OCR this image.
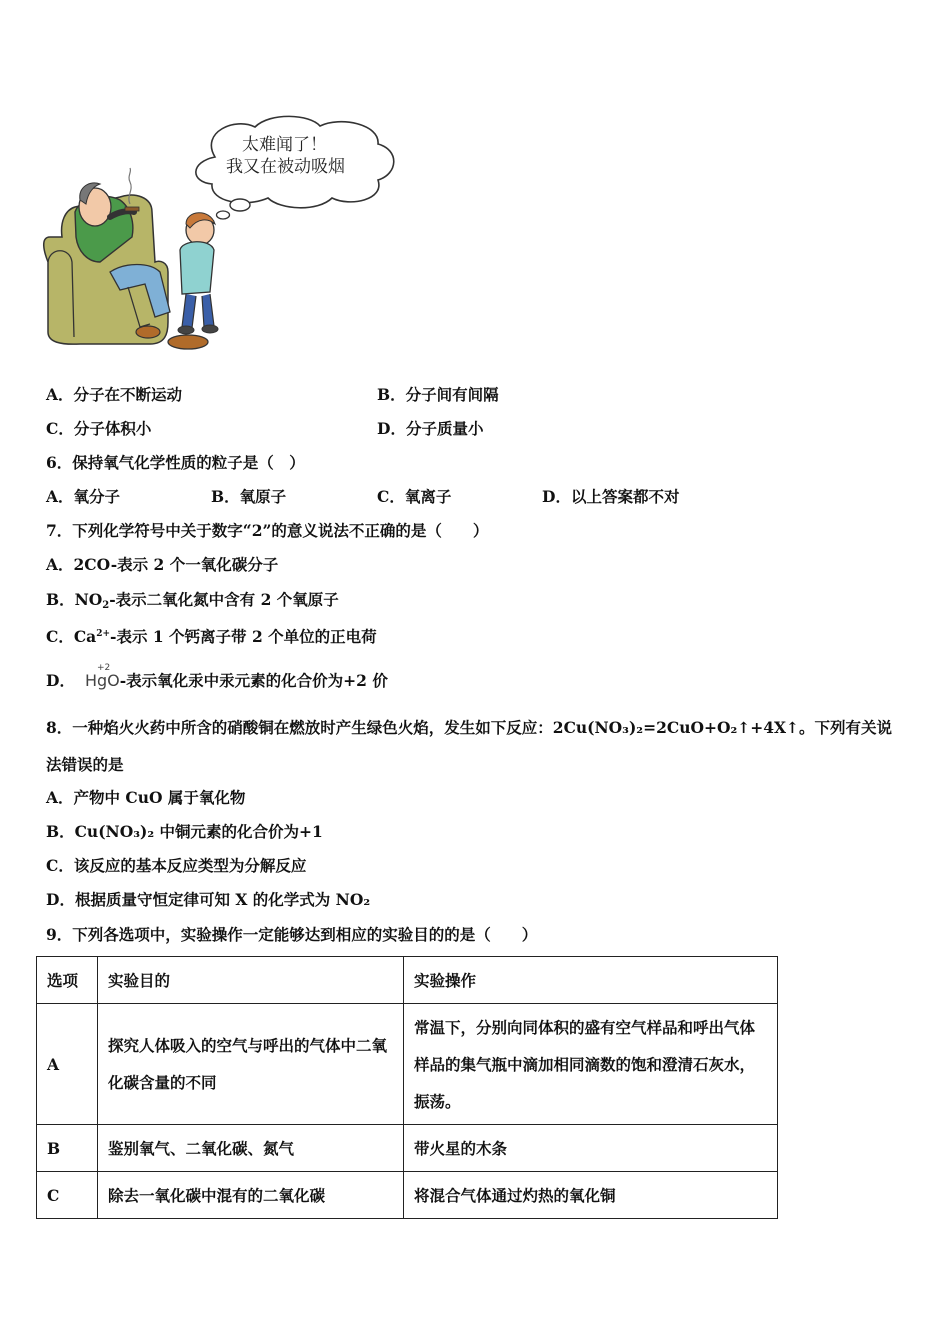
太难闻了！
我又在被动吸烟
A．分子在不断运动	B．分子间有间隔
C．分子体积小	D．分子质量小
6．保持氧气化学性质的粒子是（　）
A．氧分子	B．氧原子	C．氧离子	D．以上答案都不对
7．下列化学符号中关于数字“2”的意义说法不正确的是（　　）
A．2CO-表示 2 个一氧化碳分子
B．$NO_2-$表示二氧化氮中含有 2 个氧原子
C．$Ca^{2+}-$表示 1 个钙离子带 2 个单位的正电荷
D．
+2
HgO-表示氧化汞中汞元素的化合价为+2 价
8．一种焰火火药中所含的硝酸铜在燃放时产生绿色火焰，发生如下反应：2Cu(NO₃)₂=2CuO+O₂↑+4X↑。下列有关说
法错误的是
A．产物中 CuO 属于氧化物
B．Cu(NO₃)₂ 中铜元素的化合价为+1
C．该反应的基本反应类型为分解反应
D．根据质量守恒定律可知 X 的化学式为 NO₂
9．下列各选项中，实验操作一定能够达到相应的实验目的的是（　　）
选项	实验目的	实验操作
A	探究人体吸入的空气与呼出的气体中二氧化碳含量的不同	常温下，分别向同体积的盛有空气样品和呼出气体样品的集气瓶中滴加相同滴数的饱和澄清石灰水，振荡。
B	鉴别氧气、二氧化碳、氮气	带火星的木条
C	除去一氧化碳中混有的二氧化碳	将混合气体通过灼热的氧化铜
